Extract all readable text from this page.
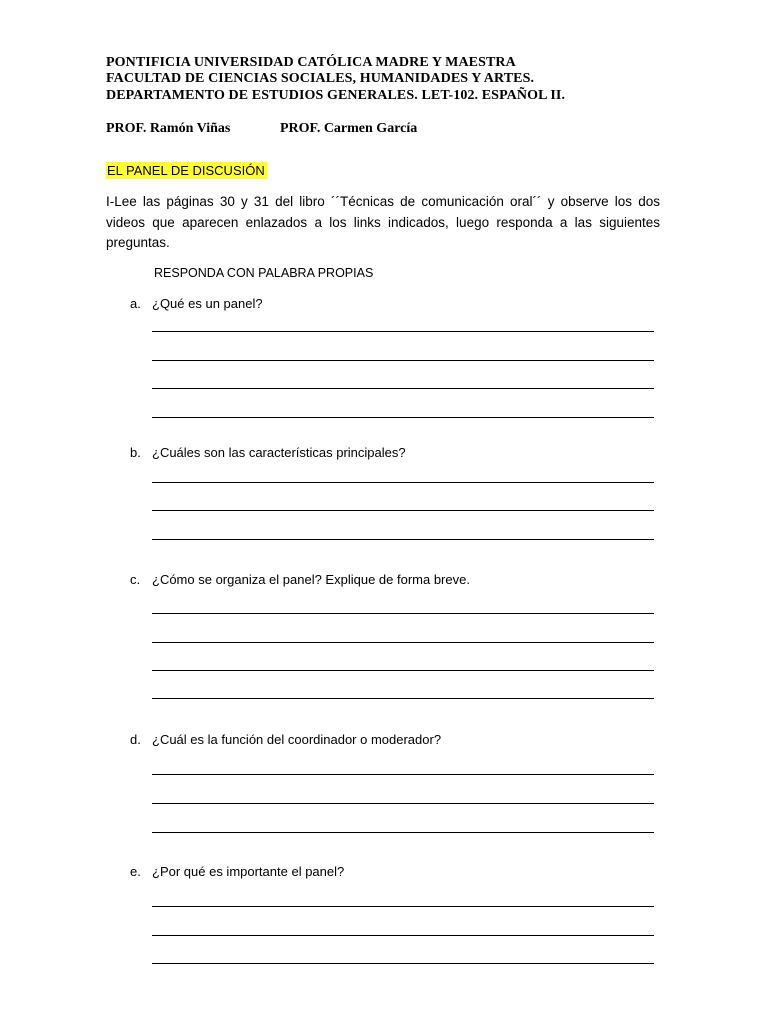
PONTIFICIA UNIVERSIDAD CATÓLICA MADRE Y MAESTRA
FACULTAD DE CIENCIAS SOCIALES, HUMANIDADES Y ARTES.
DEPARTAMENTO DE ESTUDIOS GENERALES. LET-102. ESPAÑOL II.
PROF. Ramón Viñas	PROF. Carmen García
EL PANEL DE DISCUSIÓN
I-Lee las páginas 30 y 31 del libro ´´Técnicas de comunicación oral´´ y observe los dos videos que aparecen enlazados a los links indicados, luego responda a las siguientes preguntas.
RESPONDA CON PALABRA PROPIAS
a. ¿Qué es un panel?
b. ¿Cuáles son las características principales?
c. ¿Cómo se organiza el panel? Explique de forma breve.
d. ¿Cuál es la función del coordinador o moderador?
e. ¿Por qué es importante el panel?
